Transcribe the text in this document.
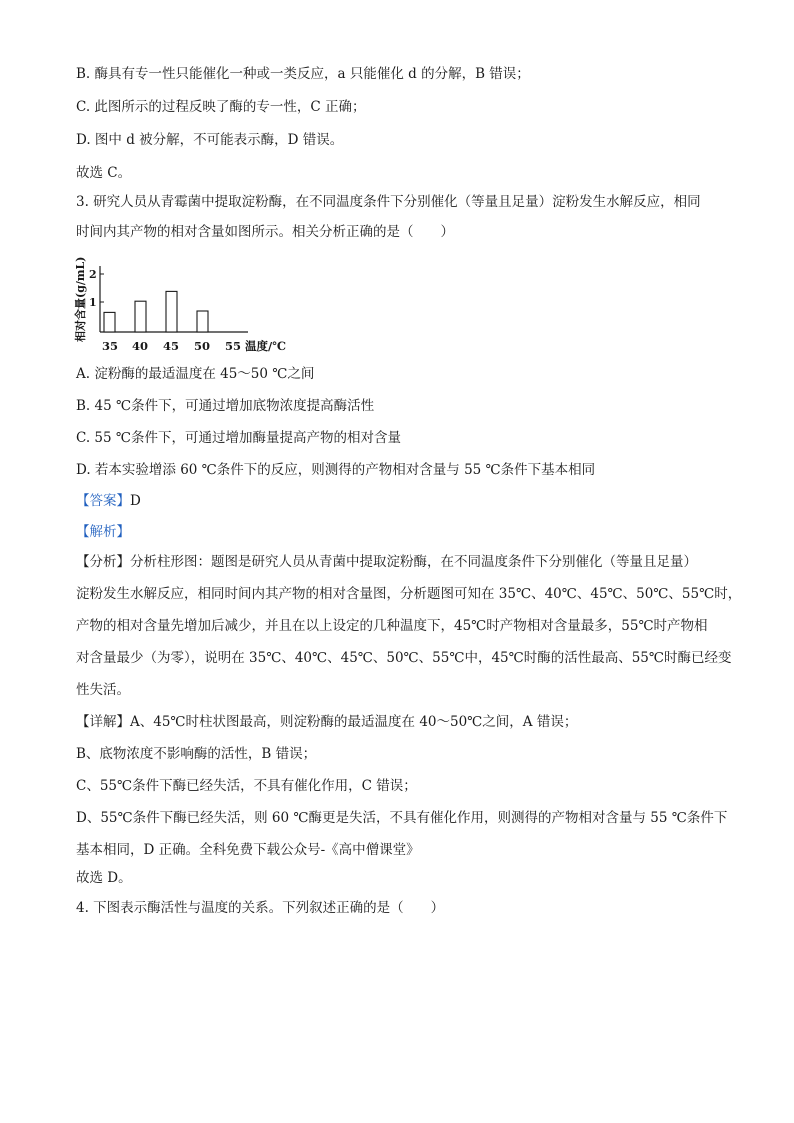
B. 酶具有专一性只能催化一种或一类反应，a 只能催化 d 的分解，B 错误；
C. 此图所示的过程反映了酶的专一性，C 正确；
D. 图中 d 被分解，不可能表示酶，D 错误。
故选 C。
3. 研究人员从青霉菌中提取淀粉酶，在不同温度条件下分别催化（等量且足量）淀粉发生水解反应，相同
时间内其产物的相对含量如图所示。相关分析正确的是（　　）
相对含量(g/mL) 2
1
35 40 45 50 55 温度/℃
A. 淀粉酶的最适温度在 45～50 ℃之间
B. 45 ℃条件下，可通过增加底物浓度提高酶活性
C. 55 ℃条件下，可通过增加酶量提高产物的相对含量
D. 若本实验增添 60 ℃条件下的反应，则测得的产物相对含量与 55 ℃条件下基本相同
【答案】D
【解析】
【分析】分析柱形图：题图是研究人员从青菌中提取淀粉酶，在不同温度条件下分别催化（等量且足量）
淀粉发生水解反应，相同时间内其产物的相对含量图，分析题图可知在 35℃、40℃、45℃、50℃、55℃时，
产物的相对含量先增加后减少，并且在以上设定的几种温度下，45℃时产物相对含量最多，55℃时产物相
对含量最少（为零），说明在 35℃、40℃、45℃、50℃、55℃中，45℃时酶的活性最高、55℃时酶已经变
性失活。
【详解】A、45℃时柱状图最高，则淀粉酶的最适温度在 40～50℃之间，A 错误；
B、底物浓度不影响酶的活性，B 错误；
C、55℃条件下酶已经失活，不具有催化作用，C 错误；
D、55℃条件下酶已经失活，则 60 ℃酶更是失活，不具有催化作用，则测得的产物相对含量与 55 ℃条件下
基本相同，D 正确。全科免费下载公众号-《高中僧课堂》
故选 D。
4. 下图表示酶活性与温度的关系。下列叙述正确的是（　　）
